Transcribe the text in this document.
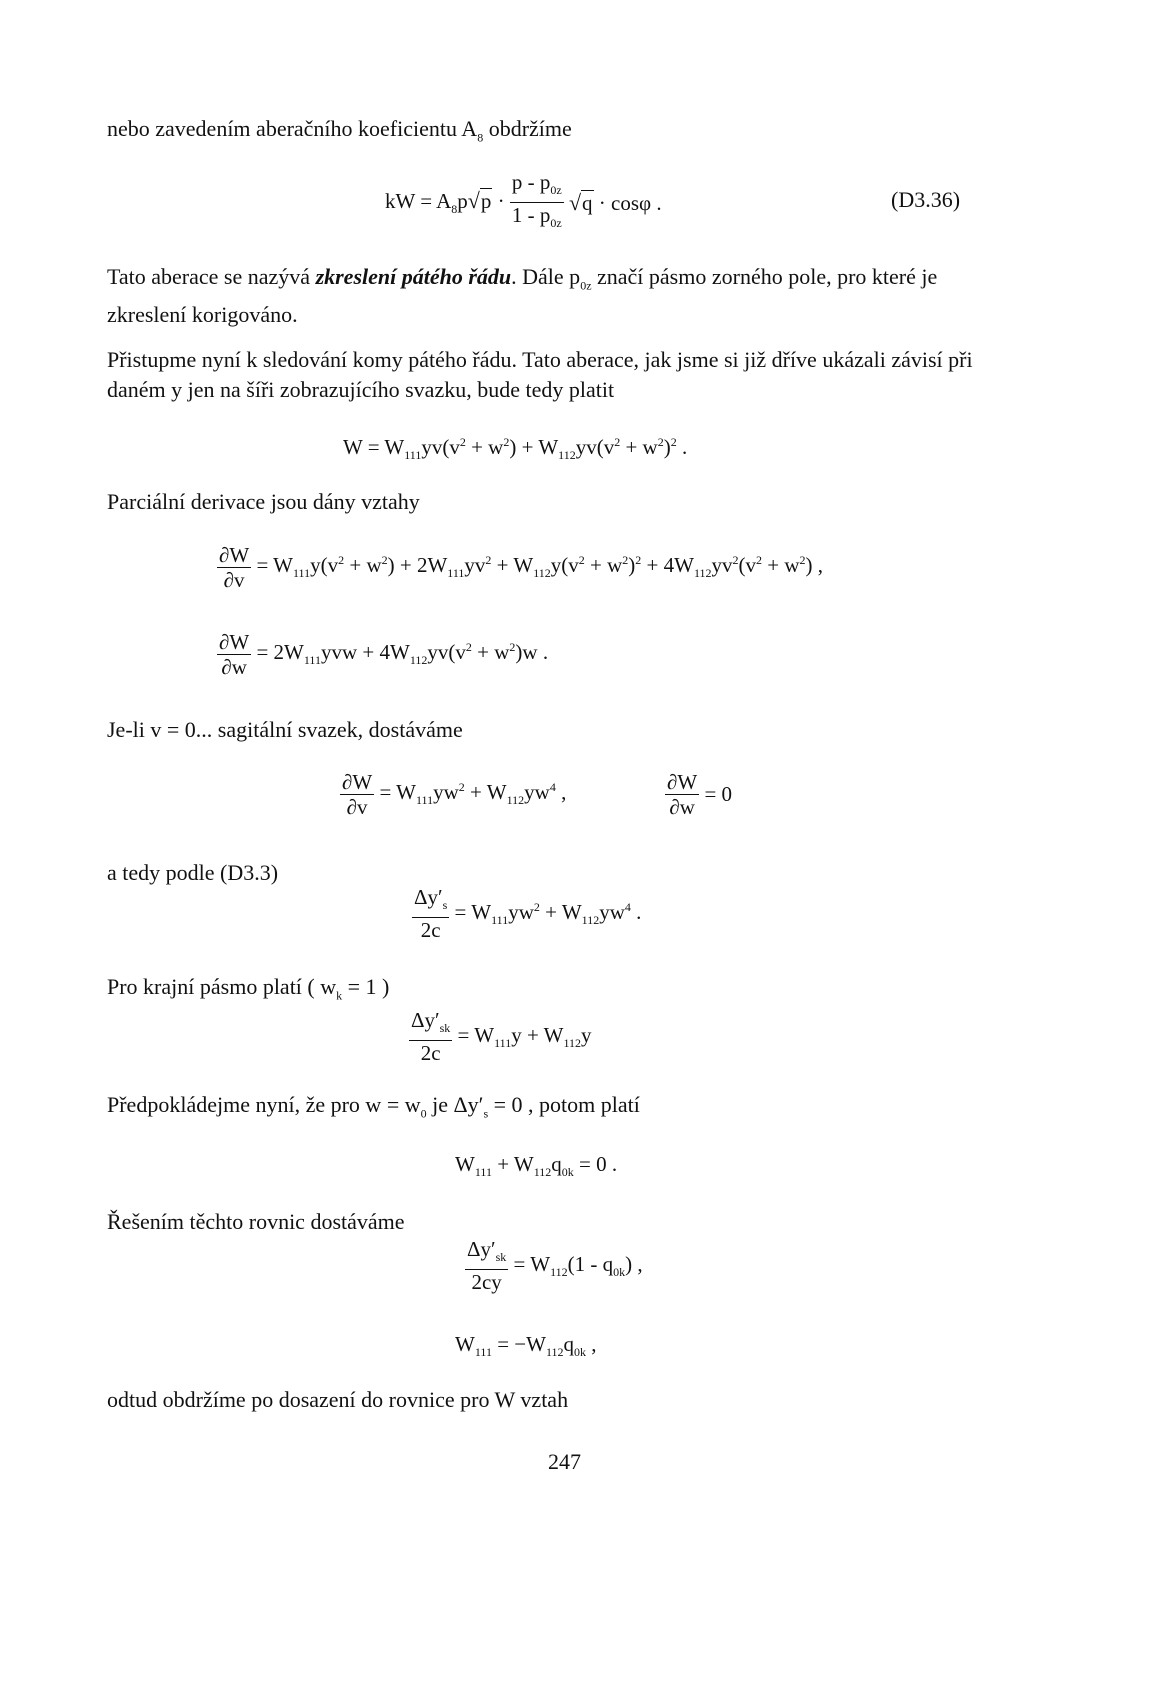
nebo zavedením aberačního koeficientu $A_8$ obdržíme
kW = $A_8p√p \cdot \frac{p - p_{0z}}{1 - p_{0z}} √q \cdot \cos\varphi$ .	(D3.36)
Tato aberace se nazývá zkreslení pátého řádu. Dále $p_{0z}$ značí pásmo zorného pole, pro které je zkreslení korigováno.
Přistupme nyní k sledování komy pátého řádu. Tato aberace, jak jsme si již dříve ukázali závisí při daném y jen na šíři zobrazujícího svazku, bude tedy platit
$W = W_{111}yv(v^2 + w^2) + W_{112}yv(v^2 + w^2)^2$ .
Parciální derivace jsou dány vztahy
$\frac{\partial W}{\partial v} = W_{111}y(v^2 + w^2) + 2W_{111}yv^2 + W_{112}y(v^2 + w^2)^2 + 4W_{112}yv^2(v^2 + w^2)$ ,
$\frac{\partial W}{\partial w} = 2W_{111}yvw + 4W_{112}yv(v^2 + w^2)w$ .
Je-li v = 0... sagitální svazek, dostáváme
$\frac{\partial W}{\partial v} = W_{111}yw^2 + W_{112}yw^4$ ,	$\frac{\partial W}{\partial w} = 0$
a tedy podle (D3.3)
$\frac{\Delta y'_s}{2c} = W_{111}yw^2 + W_{112}yw^4$ .
Pro krajní pásmo platí ( $w_k = 1$ )
$\frac{\Delta y'_{sk}}{2c} = W_{111}y + W_{112}y$
Předpokládejme nyní, že pro $w = w_0$ je $\Delta y'_s = 0$ , potom platí
$W_{111} + W_{112}q_{0k} = 0$ .
Řešením těchto rovnic dostáváme
$\frac{\Delta y'_{sk}}{2cy} = W_{112}(1 - q_{0k})$ ,
$W_{111} = -W_{112}q_{0k}$ ,
odtud obdržíme po dosazení do rovnice pro W vztah
247
